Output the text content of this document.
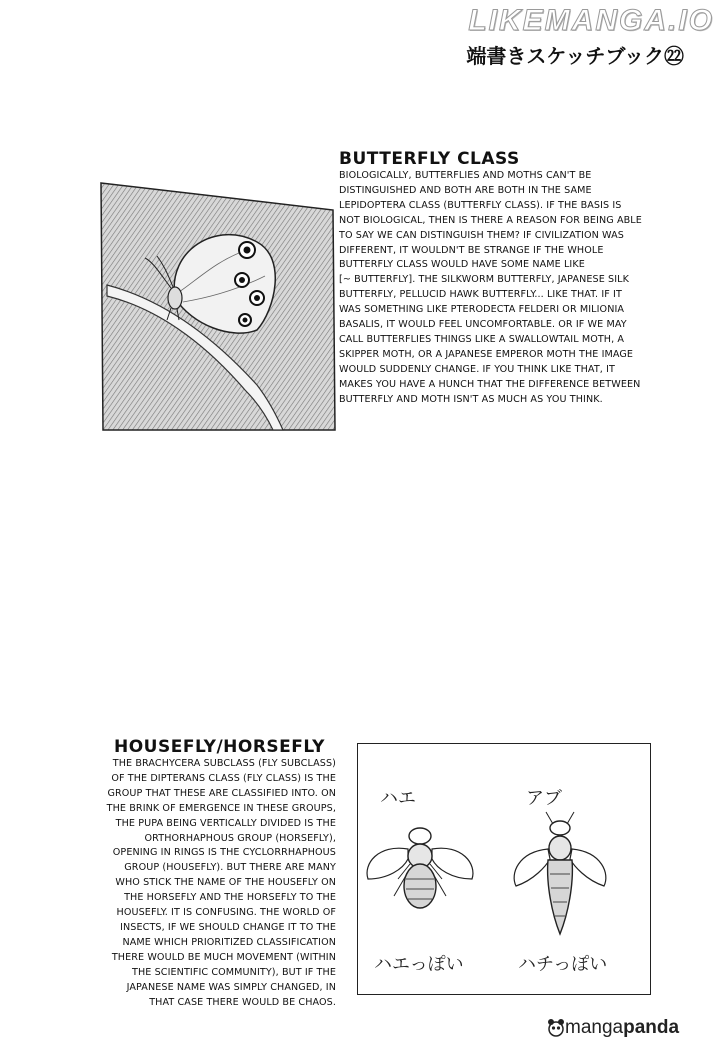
LIKEMANGA.IO
端書きスケッチブック㉒
BUTTERFLY CLASS
BIOLOGICALLY, BUTTERFLIES AND MOTHS CAN'T BE
DISTINGUISHED AND BOTH ARE BOTH IN THE SAME
LEPIDOPTERA CLASS (BUTTERFLY CLASS). IF THE BASIS IS
NOT BIOLOGICAL, THEN IS THERE A REASON FOR BEING ABLE
TO SAY WE CAN DISTINGUISH THEM? IF CIVILIZATION WAS
DIFFERENT, IT WOULDN'T BE STRANGE IF THE WHOLE
BUTTERFLY CLASS WOULD HAVE SOME NAME LIKE
[~ BUTTERFLY]. THE SILKWORM BUTTERFLY, JAPANESE SILK
BUTTERFLY, PELLUCID HAWK BUTTERFLY... LIKE THAT. IF IT
WAS SOMETHING LIKE PTERODECTA FELDERI OR MILIONIA
BASALIS, IT WOULD FEEL UNCOMFORTABLE. OR IF WE MAY
CALL BUTTERFLIES THINGS LIKE A SWALLOWTAIL MOTH, A
SKIPPER MOTH, OR A JAPANESE EMPEROR MOTH THE IMAGE
WOULD SUDDENLY CHANGE. IF YOU THINK LIKE THAT, IT
MAKES YOU HAVE A HUNCH THAT THE DIFFERENCE BETWEEN
BUTTERFLY AND MOTH ISN'T AS MUCH AS YOU THINK.
HOUSEFLY/HORSEFLY
THE BRACHYCERA SUBCLASS (FLY SUBCLASS)
OF THE DIPTERANS CLASS (FLY CLASS) IS THE
GROUP THAT THESE ARE CLASSIFIED INTO. ON
THE BRINK OF EMERGENCE IN THESE GROUPS,
THE PUPA BEING VERTICALLY DIVIDED IS THE
ORTHORHAPHOUS GROUP (HORSEFLY),
OPENING IN RINGS IS THE CYCLORRHAPHOUS
GROUP (HOUSEFLY). BUT THERE ARE MANY
WHO STICK THE NAME OF THE HOUSEFLY ON
THE HORSEFLY AND THE HORSEFLY TO THE
HOUSEFLY. IT IS CONFUSING. THE WORLD OF
INSECTS, IF WE SHOULD CHANGE IT TO THE
NAME WHICH PRIORITIZED CLASSIFICATION
THERE WOULD BE MUCH MOVEMENT (WITHIN
THE SCIENTIFIC COMMUNITY), BUT IF THE
JAPANESE NAME WAS SIMPLY CHANGED, IN
THAT CASE THERE WOULD BE CHAOS.
ハエ	アブ
ハエっぽい	ハチっぽい
mangapanda
